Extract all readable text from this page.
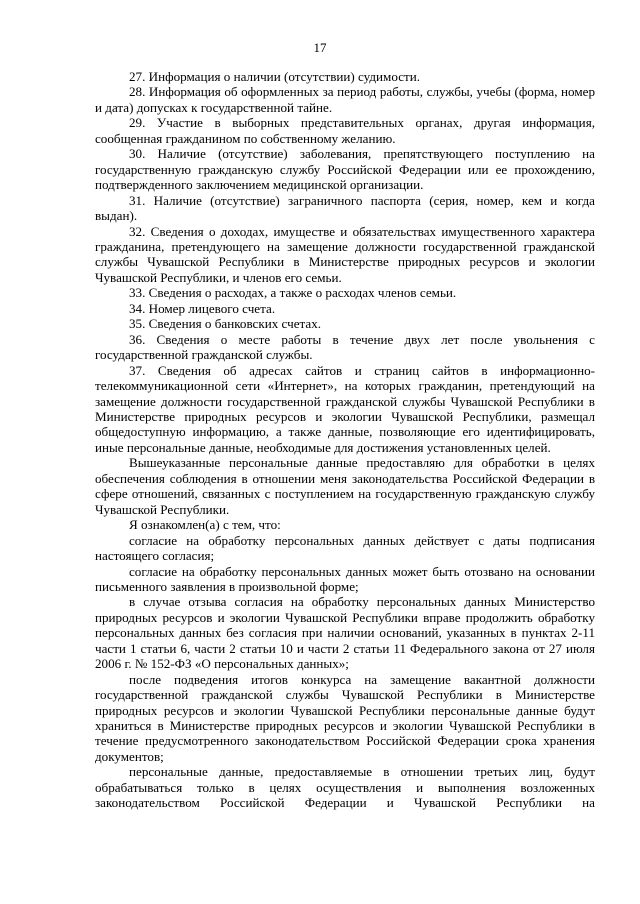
17

27. Информация о наличии (отсутствии) судимости.

28. Информация об оформленных за период работы, службы, учебы (форма, номер и дата) допусках к государственной тайне.

29. Участие в выборных представительных органах, другая информация, сообщенная гражданином по собственному желанию.

30. Наличие (отсутствие) заболевания, препятствующего поступлению на государственную гражданскую службу Российской Федерации или ее прохождению, подтвержденного заключением медицинской организации.

31. Наличие (отсутствие) заграничного паспорта (серия, номер, кем и когда выдан).

32. Сведения о доходах, имуществе и обязательствах имущественного характера гражданина, претендующего на замещение должности государственной гражданской службы Чувашской Республики в Министерстве природных ресурсов и экологии Чувашской Республики, и членов его семьи.

33. Сведения о расходах, а также о расходах членов семьи.

34. Номер лицевого счета.

35. Сведения о банковских счетах.

36. Сведения о месте работы в течение двух лет после увольнения с государственной гражданской службы.

37. Сведения об адресах сайтов и страниц сайтов в информационно-телекоммуникационной сети «Интернет», на которых гражданин, претендующий на замещение должности государственной гражданской службы Чувашской Республики в Министерстве природных ресурсов и экологии Чувашской Республики, размещал общедоступную информацию, а также данные, позволяющие его идентифицировать, иные персональные данные, необходимые для достижения установленных целей.

Вышеуказанные персональные данные предоставляю для обработки в целях обеспечения соблюдения в отношении меня законодательства Российской Федерации в сфере отношений, связанных с поступлением на государственную гражданскую службу Чувашской Республики.

Я ознакомлен(а) с тем, что:

согласие на обработку персональных данных действует с даты подписания настоящего согласия;

согласие на обработку персональных данных может быть отозвано на основании письменного заявления в произвольной форме;

в случае отзыва согласия на обработку персональных данных Министерство природных ресурсов и экологии Чувашской Республики вправе продолжить обработку персональных данных без согласия при наличии оснований, указанных в пунктах 2-11 части 1 статьи 6, части 2 статьи 10 и части 2 статьи 11 Федерального закона от 27 июля 2006 г. № 152-ФЗ «О персональных данных»;

после подведения итогов конкурса на замещение вакантной должности государственной гражданской службы Чувашской Республики в Министерстве природных ресурсов и экологии Чувашской Республики персональные данные будут храниться в Министерстве природных ресурсов и экологии Чувашской Республики в течение предусмотренного законодательством Российской Федерации срока хранения документов;

персональные данные, предоставляемые в отношении третьих лиц, будут обрабатываться только в целях осуществления и выполнения возложенных законодательством Российской Федерации и Чувашской Республики на
